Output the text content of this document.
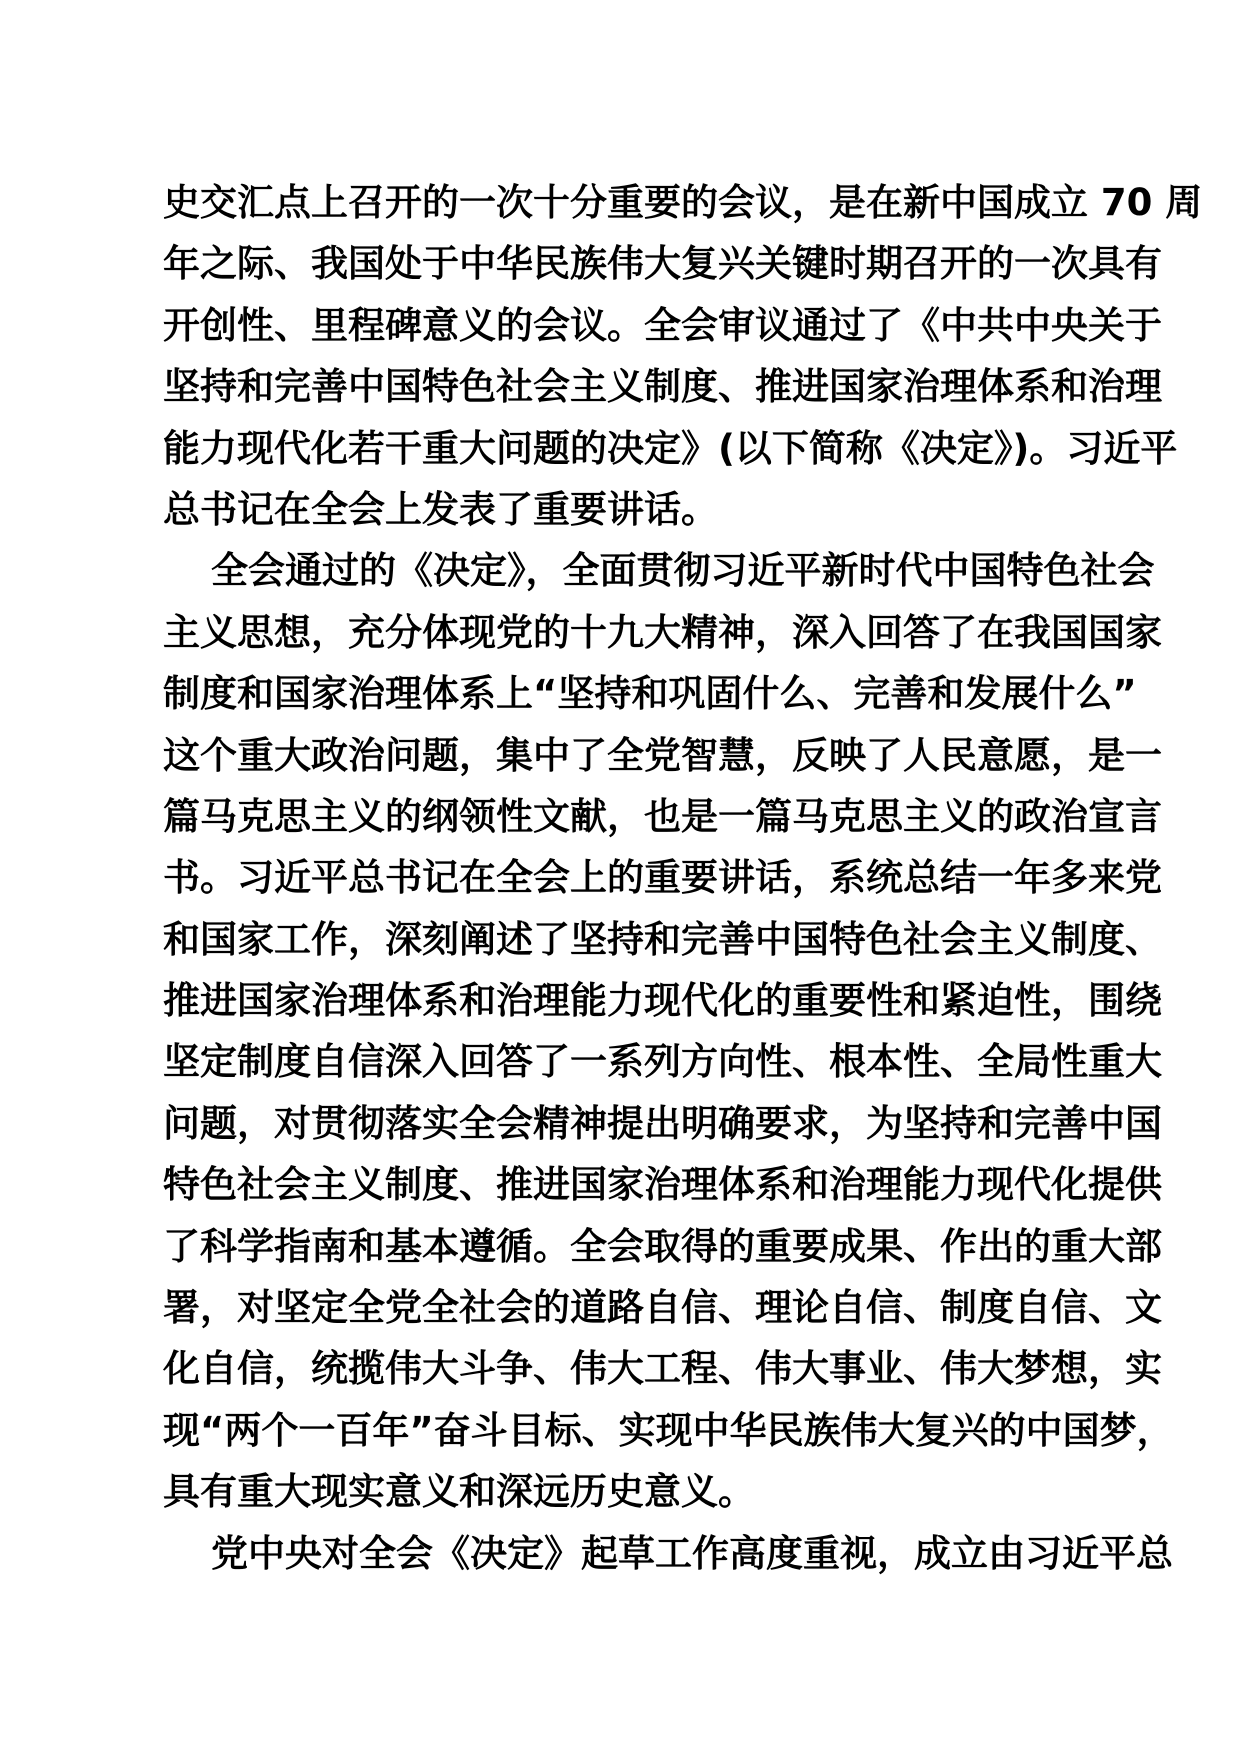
史交汇点上召开的一次十分重要的会议，是在新中国成立 70 周
年之际、我国处于中华民族伟大复兴关键时期召开的一次具有
开创性、里程碑意义的会议。全会审议通过了《中共中央关于
坚持和完善中国特色社会主义制度、推进国家治理体系和治理
能力现代化若干重大问题的决定》(以下简称《决定》)。习近平
总书记在全会上发表了重要讲话。
全会通过的《决定》，全面贯彻习近平新时代中国特色社会
主义思想，充分体现党的十九大精神，深入回答了在我国国家
制度和国家治理体系上“坚持和巩固什么、完善和发展什么”
这个重大政治问题，集中了全党智慧，反映了人民意愿，是一
篇马克思主义的纲领性文献，也是一篇马克思主义的政治宣言
书。习近平总书记在全会上的重要讲话，系统总结一年多来党
和国家工作，深刻阐述了坚持和完善中国特色社会主义制度、
推进国家治理体系和治理能力现代化的重要性和紧迫性，围绕
坚定制度自信深入回答了一系列方向性、根本性、全局性重大
问题，对贯彻落实全会精神提出明确要求，为坚持和完善中国
特色社会主义制度、推进国家治理体系和治理能力现代化提供
了科学指南和基本遵循。全会取得的重要成果、作出的重大部
署，对坚定全党全社会的道路自信、理论自信、制度自信、文
化自信，统揽伟大斗争、伟大工程、伟大事业、伟大梦想，实
现“两个一百年”奋斗目标、实现中华民族伟大复兴的中国梦，
具有重大现实意义和深远历史意义。
党中央对全会《决定》起草工作高度重视，成立由习近平总
